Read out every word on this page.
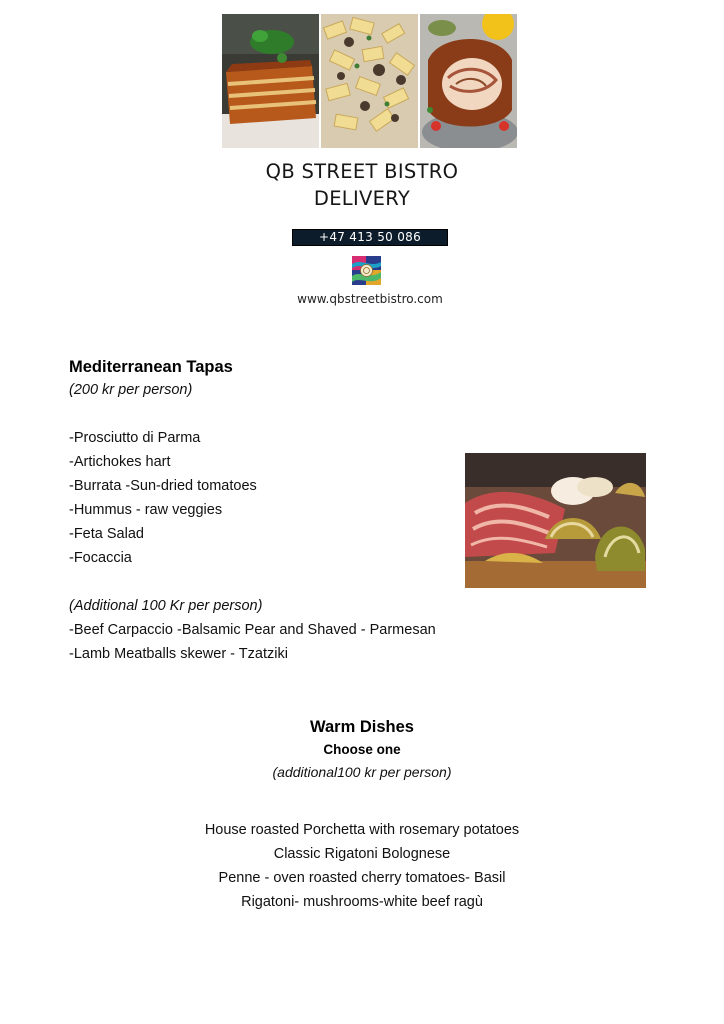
QB STREET BISTRO
DELIVERY
+47 413 50 086
www.qbstreetbistro.com
Mediterranean Tapas
(200 kr per person)
-Prosciutto di Parma
-Artichokes hart
-Burrata -Sun-dried tomatoes
-Hummus - raw veggies
-Feta Salad
-Focaccia
(Additional 100 Kr per person)
-Beef Carpaccio -Balsamic Pear and Shaved - Parmesan
-Lamb Meatballs skewer - Tzatziki
Warm Dishes
Choose one
(additional100 kr per person)
House roasted Porchetta with rosemary potatoes
Classic Rigatoni Bolognese
Penne - oven roasted cherry tomatoes- Basil
Rigatoni- mushrooms-white beef ragù
